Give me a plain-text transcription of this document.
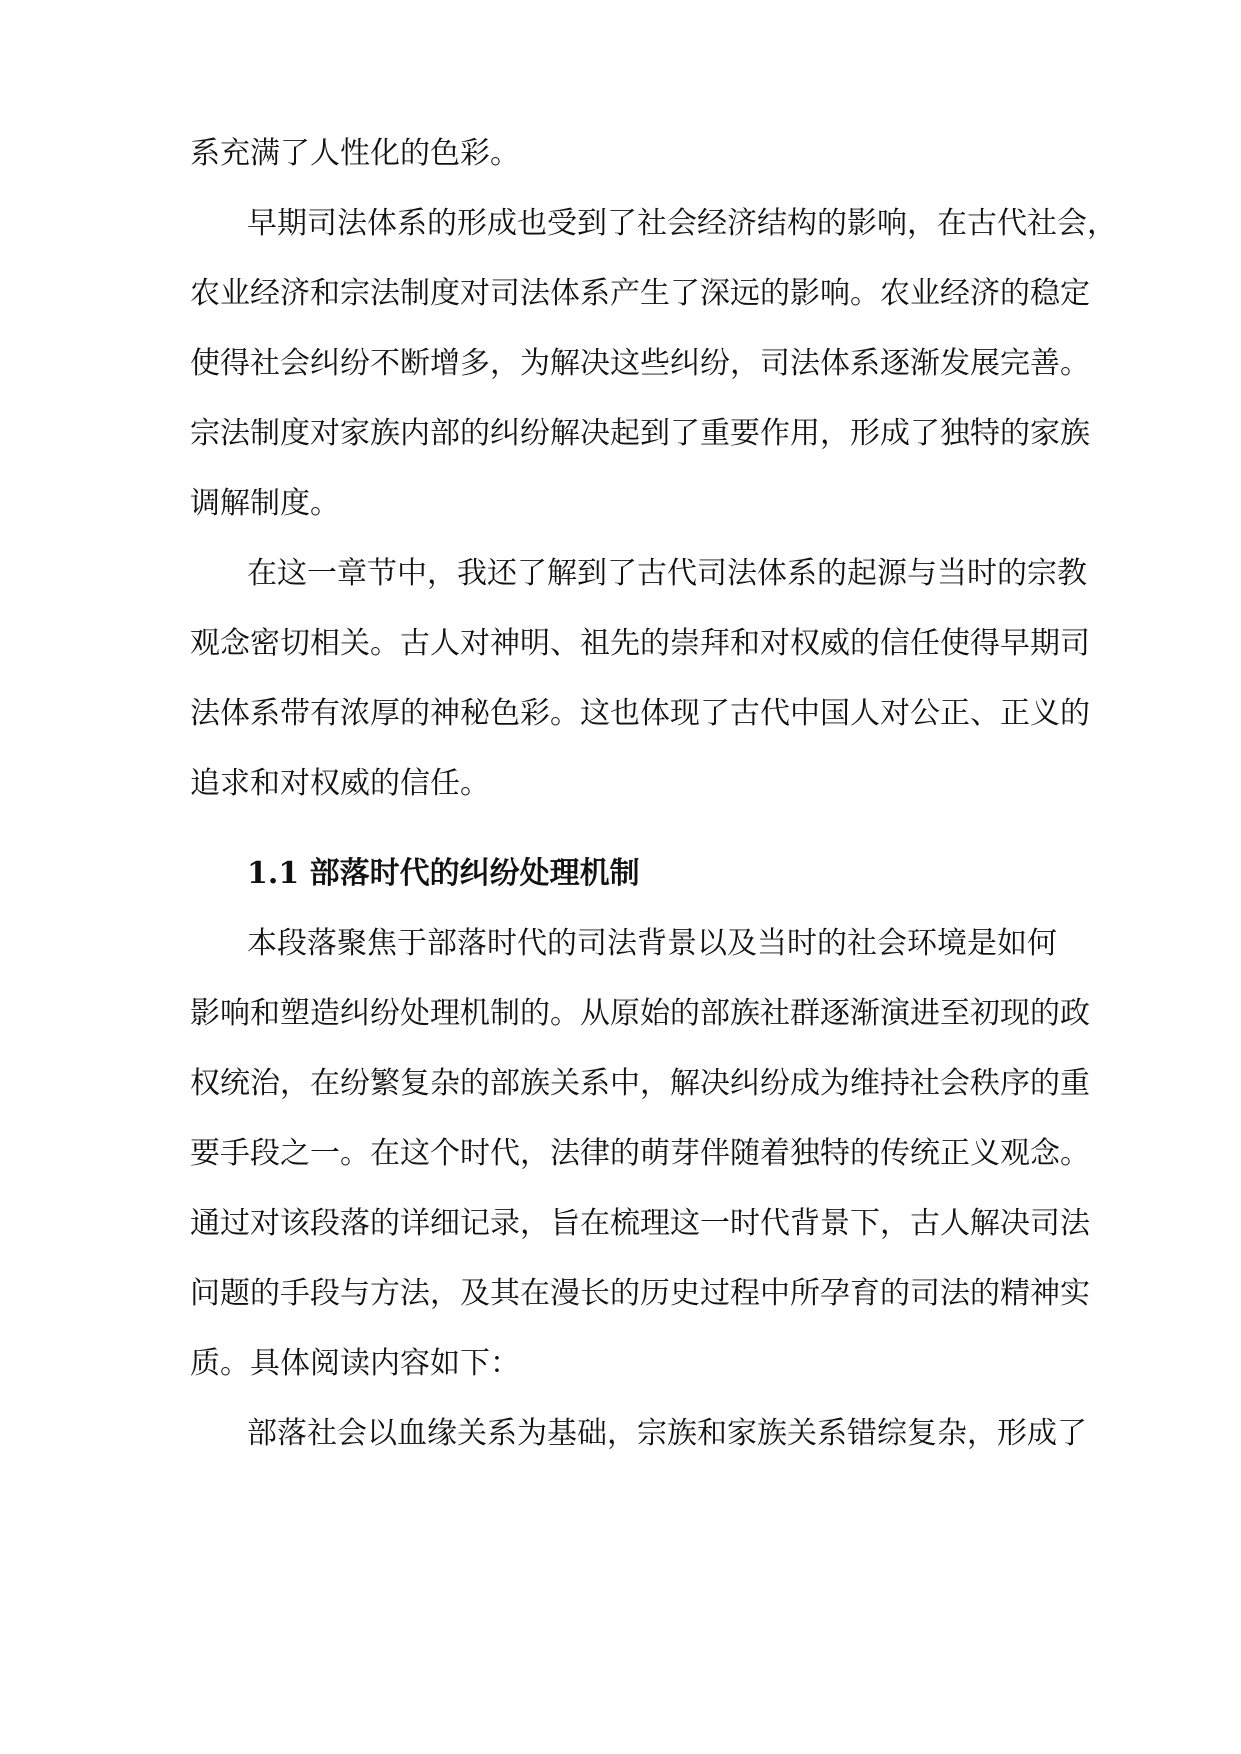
系充满了人性化的色彩。
早期司法体系的形成也受到了社会经济结构的影响，在古代社会，
农业经济和宗法制度对司法体系产生了深远的影响。农业经济的稳定
使得社会纠纷不断增多，为解决这些纠纷，司法体系逐渐发展完善。
宗法制度对家族内部的纠纷解决起到了重要作用，形成了独特的家族
调解制度。
在这一章节中，我还了解到了古代司法体系的起源与当时的宗教
观念密切相关。古人对神明、祖先的崇拜和对权威的信任使得早期司
法体系带有浓厚的神秘色彩。这也体现了古代中国人对公正、正义的
追求和对权威的信任。
1.1 部落时代的纠纷处理机制
本段落聚焦于部落时代的司法背景以及当时的社会环境是如何
影响和塑造纠纷处理机制的。从原始的部族社群逐渐演进至初现的政
权统治，在纷繁复杂的部族关系中，解决纠纷成为维持社会秩序的重
要手段之一。在这个时代，法律的萌芽伴随着独特的传统正义观念。
通过对该段落的详细记录，旨在梳理这一时代背景下，古人解决司法
问题的手段与方法，及其在漫长的历史过程中所孕育的司法的精神实
质。具体阅读内容如下：
部落社会以血缘关系为基础，宗族和家族关系错综复杂，形成了
